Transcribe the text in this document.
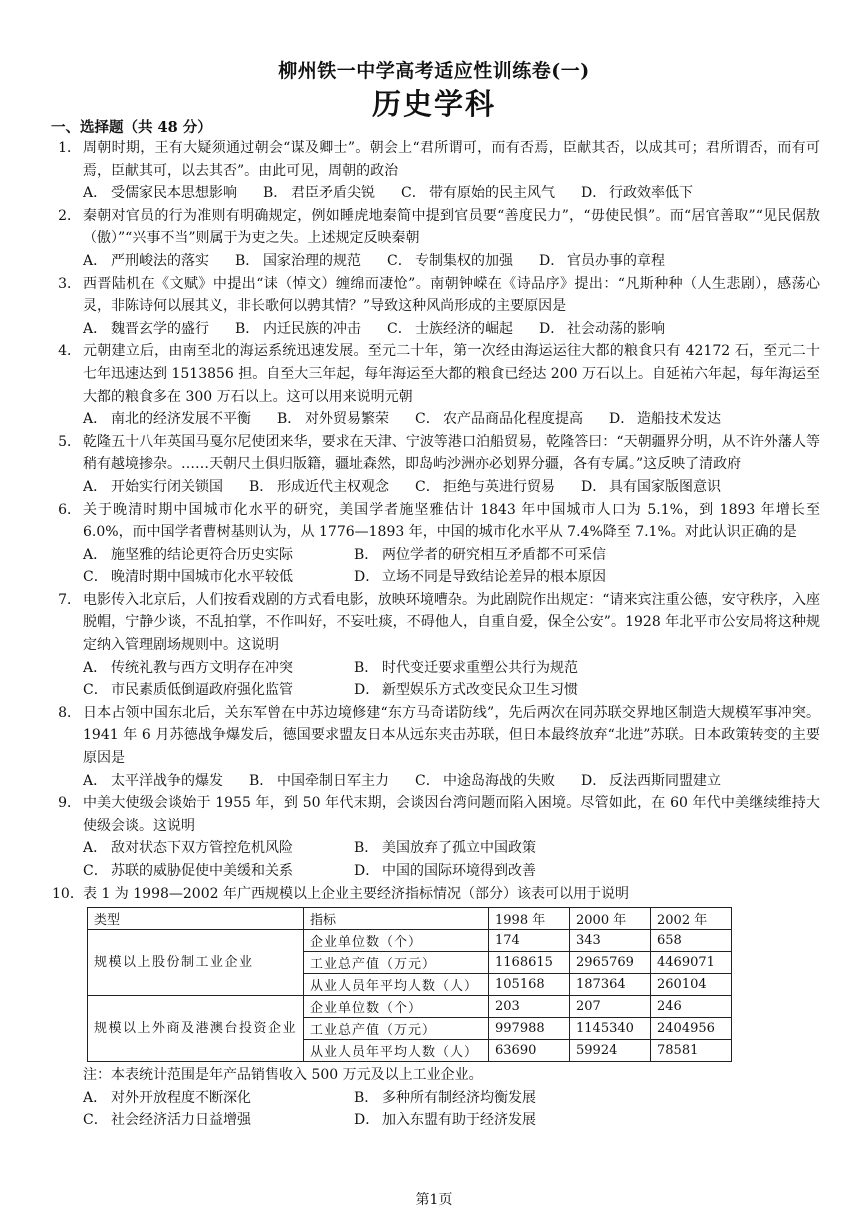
柳州铁一中学高考适应性训练卷(一)
历史学科
一、选择题（共 48 分）
1． 周朝时期，王有大疑须通过朝会“谋及卿士”。朝会上“君所谓可，而有否焉，臣献其否，以成其可；君所谓否，而有可焉，臣献其可，以去其否”。由此可见，周朝的政治
A． 受儒家民本思想影响 B． 君臣矛盾尖锐 C． 带有原始的民主风气 D． 行政效率低下
2． 秦朝对官员的行为准则有明确规定，例如睡虎地秦简中提到官员要“善度民力”，“毋使民惧”。而“居官善取”“见民倨敖（傲）”“兴事不当”则属于为吏之失。上述规定反映秦朝
A． 严刑峻法的落实 B． 国家治理的规范 C． 专制集权的加强 D． 官员办事的章程
3． 西晋陆机在《文赋》中提出“诔（悼文）缠绵而凄怆”。南朝钟嵘在《诗品序》提出：“凡斯种种（人生悲剧），感荡心灵，非陈诗何以展其义，非长歌何以骋其情？”导致这种风尚形成的主要原因是
A． 魏晋玄学的盛行 B． 内迁民族的冲击 C． 士族经济的崛起 D． 社会动荡的影响
4． 元朝建立后，由南至北的海运系统迅速发展。至元二十年，第一次经由海运运往大都的粮食只有 42172 石，至元二十七年迅速达到 1513856 担。自至大三年起，每年海运至大都的粮食已经达 200 万石以上。自延祐六年起，每年海运至大都的粮食多在 300 万石以上。这可以用来说明元朝
A． 南北的经济发展不平衡 B． 对外贸易繁荣 C． 农产品商品化程度提高 D． 造船技术发达
5． 乾隆五十八年英国马戛尔尼使团来华，要求在天津、宁波等港口泊船贸易，乾隆答曰：“天朝疆界分明，从不许外藩人等稍有越境掺杂。……天朝尺土俱归版籍，疆址森然，即岛屿沙洲亦必划界分疆，各有专属。”这反映了清政府
A． 开始实行闭关锁国 B． 形成近代主权观念 C． 拒绝与英进行贸易 D． 具有国家版图意识
6． 关于晚清时期中国城市化水平的研究，美国学者施坚雅估计 1843 年中国城市人口为 5.1%，到 1893 年增长至 6.0%，而中国学者曹树基则认为，从 1776—1893 年，中国的城市化水平从 7.4%降至 7.1%。对此认识正确的是
A． 施坚雅的结论更符合历史实际	B． 两位学者的研究相互矛盾都不可采信
C． 晚清时期中国城市化水平较低	D． 立场不同是导致结论差异的根本原因
7． 电影传入北京后，人们按看戏剧的方式看电影，放映环境嘈杂。为此剧院作出规定：“请来宾注重公德，安守秩序，入座脱帽，宁静少谈，不乱拍掌，不作叫好，不妄吐痰，不碍他人，自重自爱，保全公安”。1928 年北平市公安局将这种规定纳入管理剧场规则中。这说明
A． 传统礼教与西方文明存在冲突	B． 时代变迁要求重塑公共行为规范
C． 市民素质低倒逼政府强化监管	D． 新型娱乐方式改变民众卫生习惯
8． 日本占领中国东北后，关东军曾在中苏边境修建“东方马奇诺防线”，先后两次在同苏联交界地区制造大规模军事冲突。1941 年 6 月苏德战争爆发后，德国要求盟友日本从远东夹击苏联，但日本最终放弃“北进”苏联。日本政策转变的主要原因是
A． 太平洋战争的爆发 B． 中国牵制日军主力 C． 中途岛海战的失败 D． 反法西斯同盟建立
9． 中美大使级会谈始于 1955 年，到 50 年代末期，会谈因台湾问题而陷入困境。尽管如此，在 60 年代中美继续维持大使级会谈。这说明
A． 敌对状态下双方管控危机风险	B． 美国放弃了孤立中国政策
C． 苏联的威胁促使中美缓和关系	D． 中国的国际环境得到改善
10． 表 1 为 1998—2002 年广西规模以上企业主要经济指标情况（部分）该表可以用于说明
类型	指标	1998 年	2000 年	2002 年
规模以上股份制工业企业	企业单位数（个）	174	343	658
	工业总产值（万元）	1168615	2965769	4469071
	从业人员年平均人数（人）	105168	187364	260104
规模以上外商及港澳台投资企业	企业单位数（个）	203	207	246
	工业总产值（万元）	997988	1145340	2404956
	从业人员年平均人数（人）	63690	59924	78581
注：本表统计范围是年产品销售收入 500 万元及以上工业企业。
A． 对外开放程度不断深化	B． 多种所有制经济均衡发展
C． 社会经济活力日益增强	D． 加入东盟有助于经济发展
第1页
